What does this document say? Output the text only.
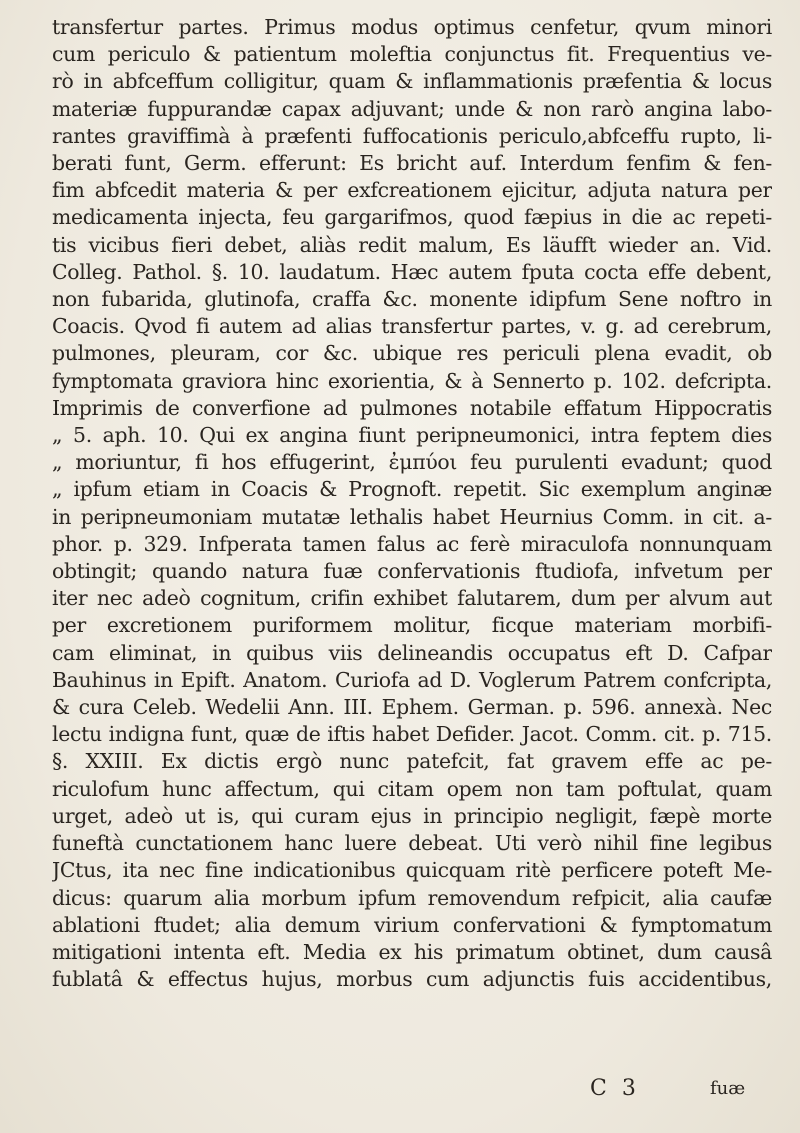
transfertur partes. Primus modus optimus cenfetur, qvum minori
cum periculo & patientum moleftia conjunctus fit. Frequentius ve-
rò in abfceffum colligitur, quam & inflammationis præfentia & locus
materiæ fuppurandæ capax adjuvant; unde & non rarò angina labo-
rantes graviffimà à præfenti fuffocationis periculo,abfceffu rupto, li-
berati funt, Germ. efferunt: Es bricht auf. Interdum fenfim & fen-
fim abfcedit materia & per exfcreationem ejicitur, adjuta natura per
medicamenta injecta, feu gargarifmos, quod fæpius in die ac repeti-
tis vicibus fieri debet, aliàs redit malum, Es läufft wieder an. Vid.
Colleg. Pathol. §. 10. laudatum. Hæc autem fputa cocta effe debent,
non fubarida, glutinofa, craffa &c. monente idipfum Sene noftro in
Coacis. Qvod fi autem ad alias transfertur partes, v. g. ad cerebrum,
pulmones, pleuram, cor &c. ubique res periculi plena evadit, ob
fymptomata graviora hinc exorientia, & à Sennerto p. 102. defcripta.
Imprimis de converfione ad pulmones notabile effatum Hippocratis
„ 5. aph. 10. Qui ex angina fiunt peripneumonici, intra feptem dies
„ moriuntur, fi hos effugerint, ἐμπύοι feu purulenti evadunt; quod
„ ipfum etiam in Coacis & Prognoft. repetit. Sic exemplum anginæ
in peripneumoniam mutatæ lethalis habet Heurnius Comm. in cit. a-
phor. p. 329. Infperata tamen falus ac ferè miraculofa nonnunquam
obtingit; quando natura fuæ confervationis ftudiofa, infvetum per
iter nec adeò cognitum, crifin exhibet falutarem, dum per alvum aut
per excretionem puriformem molitur, ficque materiam morbifi-
cam eliminat, in quibus viis delineandis occupatus eft D. Cafpar
Bauhinus in Epift. Anatom. Curiofa ad D. Voglerum Patrem confcripta,
& cura Celeb. Wedelii Ann. III. Ephem. German. p. 596. annexà. Nec
lectu indigna funt, quæ de iftis habet Defider. Jacot. Comm. cit. p. 715.
§. XXIII. Ex dictis ergò nunc patefcit, fat gravem effe ac pe-
riculofum hunc affectum, qui citam opem non tam poftulat, quam
urget, adeò ut is, qui curam ejus in principio negligit, fæpè morte
funeftà cunctationem hanc luere debeat. Uti verò nihil fine legibus
JCtus, ita nec fine indicationibus quicquam ritè perficere poteft Me-
dicus: quarum alia morbum ipfum removendum refpicit, alia caufæ
ablationi ftudet; alia demum virium confervationi & fymptomatum
mitigationi intenta eft. Media ex his primatum obtinet, dum causâ
fublatâ & effectus hujus, morbus cum adjunctis fuis accidentibus,
C 3	fuæ
